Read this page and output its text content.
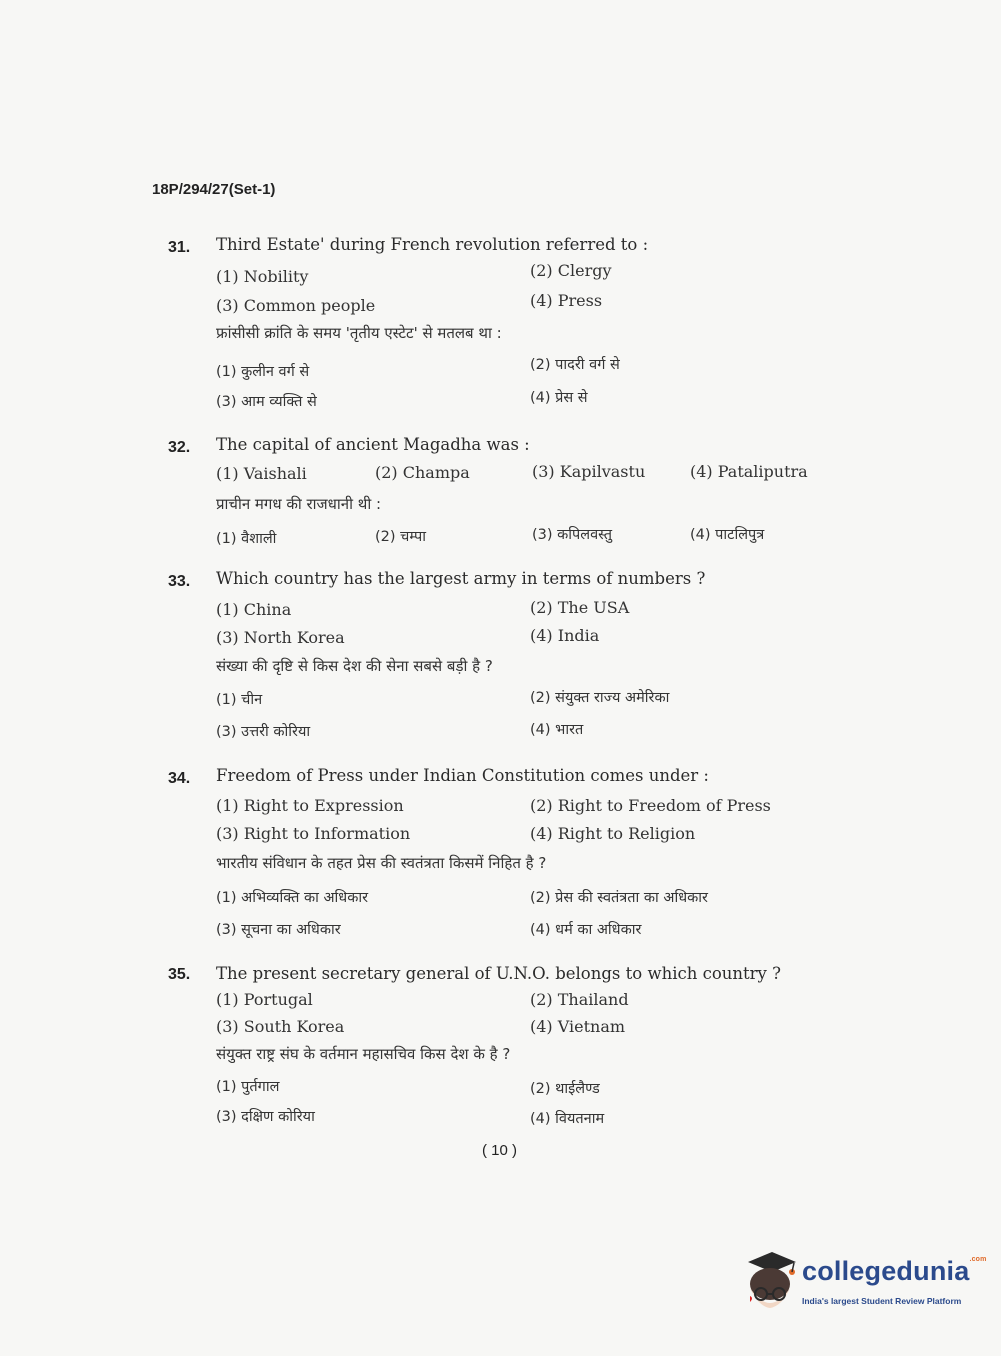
18P/294/27(Set-1)
31. Third Estate' during French revolution referred to :
(1) Nobility	(2) Clergy
(3) Common people	(4) Press
फ्रांसीसी क्रांति के समय 'तृतीय एस्टेट' से मतलब था :
(1) कुलीन वर्ग से	(2) पादरी वर्ग से
(3) आम व्यक्ति से	(4) प्रेस से
32. The capital of ancient Magadha was :
(1) Vaishali	(2) Champa	(3) Kapilvastu	(4) Pataliputra
प्राचीन मगध की राजधानी थी :
(1) वैशाली	(2) चम्पा	(3) कपिलवस्तु	(4) पाटलिपुत्र
33. Which country has the largest army in terms of numbers ?
(1) China	(2) The USA
(3) North Korea	(4) India
संख्या की दृष्टि से किस देश की सेना सबसे बड़ी है ?
(1) चीन	(2) संयुक्त राज्य अमेरिका
(3) उत्तरी कोरिया	(4) भारत
34. Freedom of Press under Indian Constitution comes under :
(1) Right to Expression	(2) Right to Freedom of Press
(3) Right to Information	(4) Right to Religion
भारतीय संविधान के तहत प्रेस की स्वतंत्रता किसमें निहित है ?
(1) अभिव्यक्ति का अधिकार	(2) प्रेस की स्वतंत्रता का अधिकार
(3) सूचना का अधिकार	(4) धर्म का अधिकार
35. The present secretary general of U.N.O. belongs to which country ?
(1) Portugal	(2) Thailand
(3) South Korea	(4) Vietnam
संयुक्त राष्ट्र संघ के वर्तमान महासचिव किस देश के है ?
(1) पुर्तगाल	(2) थाईलैण्ड
(3) दक्षिण कोरिया	(4) वियतनाम
( 10 )
collegedunia$^{.com}$
India's largest Student Review Platform
